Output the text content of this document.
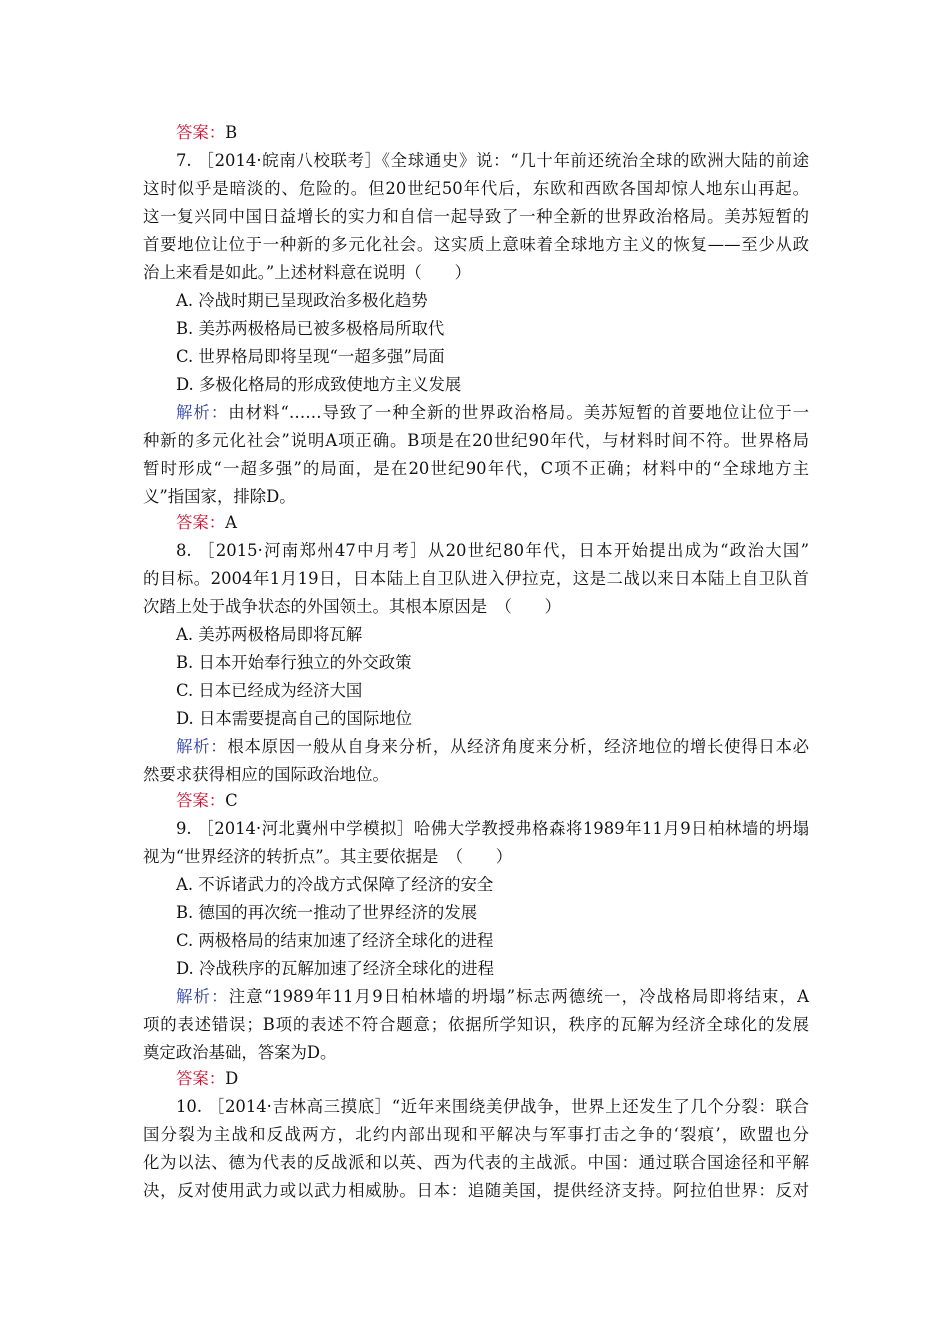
答案：B
7. ［2014·皖南八校联考］《全球通史》说：“几十年前还统治全球的欧洲大陆的前途
这时似乎是暗淡的、危险的。但20世纪50年代后，东欧和西欧各国却惊人地东山再起。
这一复兴同中国日益增长的实力和自信一起导致了一种全新的世界政治格局。美苏短暂的
首要地位让位于一种新的多元化社会。这实质上意味着全球地方主义的恢复——至少从政
治上来看是如此。”上述材料意在说明（　　）
A. 冷战时期已呈现政治多极化趋势
B. 美苏两极格局已被多极格局所取代
C. 世界格局即将呈现“一超多强”局面
D. 多极化格局的形成致使地方主义发展
解析：由材料“……导致了一种全新的世界政治格局。美苏短暂的首要地位让位于一
种新的多元化社会”说明A项正确。B项是在20世纪90年代，与材料时间不符。世界格局
暂时形成“一超多强”的局面，是在20世纪90年代，C项不正确；材料中的“全球地方主
义”指国家，排除D。
答案：A
8. ［2015·河南郑州47中月考］从20世纪80年代，日本开始提出成为“政治大国”
的目标。2004年1月19日，日本陆上自卫队进入伊拉克，这是二战以来日本陆上自卫队首
次踏上处于战争状态的外国领土。其根本原因是　（　　）
A. 美苏两极格局即将瓦解
B. 日本开始奉行独立的外交政策
C. 日本已经成为经济大国
D. 日本需要提高自己的国际地位
解析：根本原因一般从自身来分析，从经济角度来分析，经济地位的增长使得日本必
然要求获得相应的国际政治地位。
答案：C
9. ［2014·河北冀州中学模拟］哈佛大学教授弗格森将1989年11月9日柏林墙的坍塌
视为“世界经济的转折点”。其主要依据是　（　　）
A. 不诉诸武力的冷战方式保障了经济的安全
B. 德国的再次统一推动了世界经济的发展
C. 两极格局的结束加速了经济全球化的进程
D. 冷战秩序的瓦解加速了经济全球化的进程
解析：注意“1989年11月9日柏林墙的坍塌”标志两德统一，冷战格局即将结束，A
项的表述错误；B项的表述不符合题意；依据所学知识，秩序的瓦解为经济全球化的发展
奠定政治基础，答案为D。
答案：D
10. ［2014·吉林高三摸底］“近年来围绕美伊战争，世界上还发生了几个分裂：联合
国分裂为主战和反战两方，北约内部出现和平解决与军事打击之争的‘裂痕’，欧盟也分
化为以法、德为代表的反战派和以英、西为代表的主战派。中国：通过联合国途径和平解
决，反对使用武力或以武力相威胁。日本：追随美国，提供经济支持。阿拉伯世界：反对
